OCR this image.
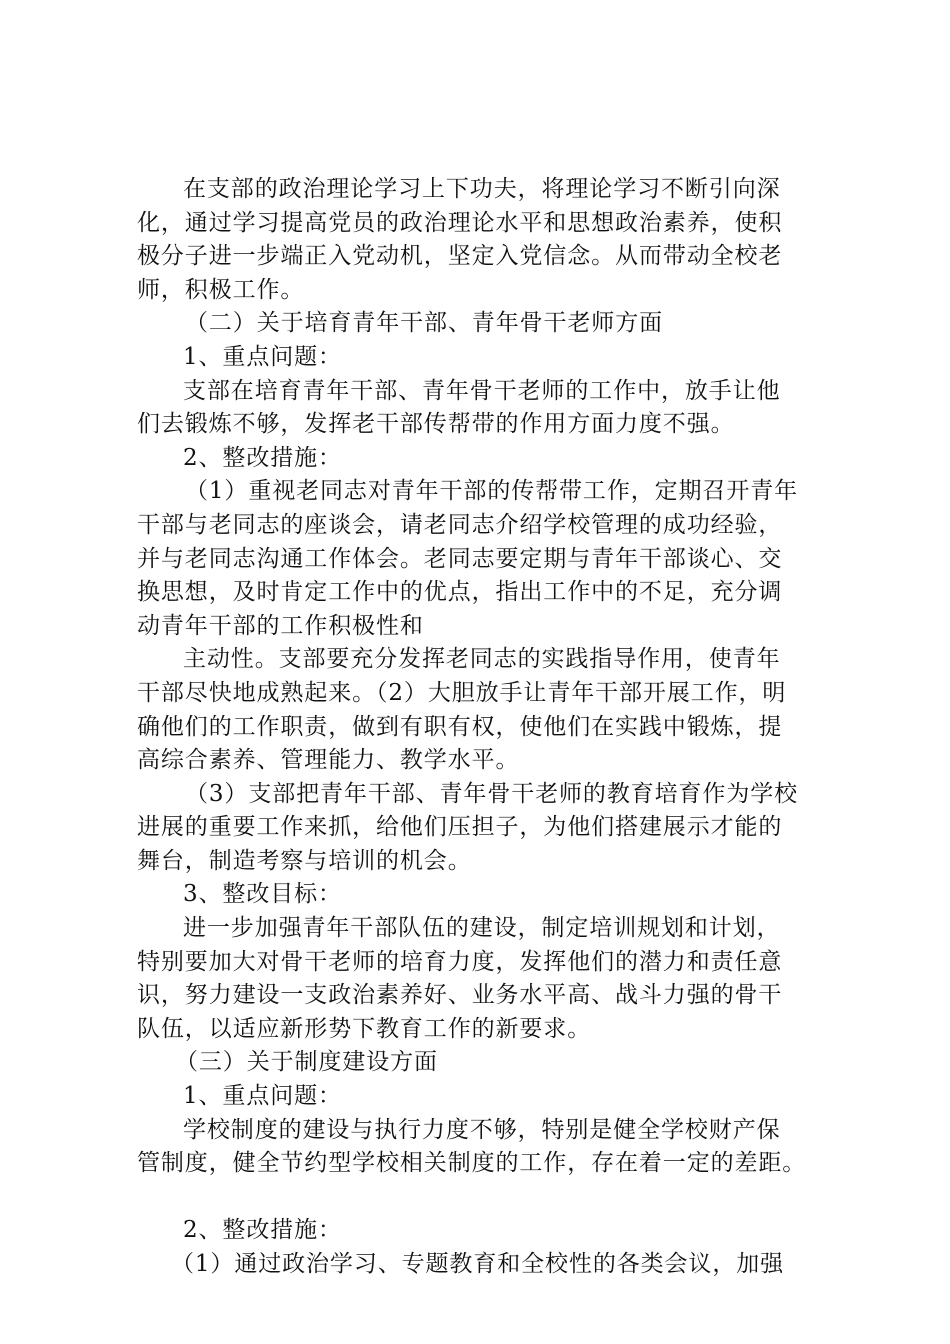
在支部的政治理论学习上下功夫，将理论学习不断引向深
化，通过学习提高党员的政治理论水平和思想政治素养，使积
极分子进一步端正入党动机，坚定入党信念。从而带动全校老
师，积极工作。
（二）关于培育青年干部、青年骨干老师方面
1、重点问题：
支部在培育青年干部、青年骨干老师的工作中，放手让他
们去锻炼不够，发挥老干部传帮带的作用方面力度不强。
2、整改措施：
（1）重视老同志对青年干部的传帮带工作，定期召开青年
干部与老同志的座谈会，请老同志介绍学校管理的成功经验，
并与老同志沟通工作体会。老同志要定期与青年干部谈心、交
换思想，及时肯定工作中的优点，指出工作中的不足，充分调
动青年干部的工作积极性和
主动性。支部要充分发挥老同志的实践指导作用，使青年
干部尽快地成熟起来。（2）大胆放手让青年干部开展工作，明
确他们的工作职责，做到有职有权，使他们在实践中锻炼，提
高综合素养、管理能力、教学水平。
（3）支部把青年干部、青年骨干老师的教育培育作为学校
进展的重要工作来抓，给他们压担子，为他们搭建展示才能的
舞台，制造考察与培训的机会。
3、整改目标：
进一步加强青年干部队伍的建设，制定培训规划和计划，
特别要加大对骨干老师的培育力度，发挥他们的潜力和责任意
识，努力建设一支政治素养好、业务水平高、战斗力强的骨干
队伍，以适应新形势下教育工作的新要求。
（三）关于制度建设方面
1、重点问题：
学校制度的建设与执行力度不够，特别是健全学校财产保
管制度，健全节约型学校相关制度的工作，存在着一定的差距。
2、整改措施：
（1）通过政治学习、专题教育和全校性的各类会议，加强
